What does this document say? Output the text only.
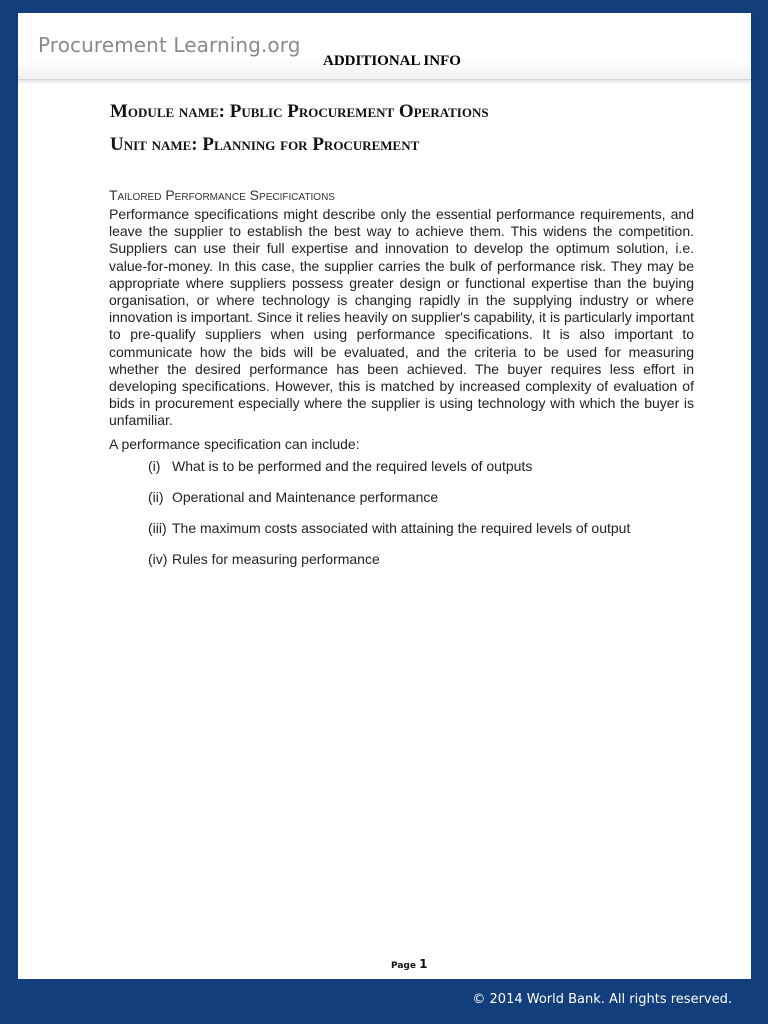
Procurement Learning.org
ADDITIONAL INFO
Module name: Public Procurement Operations
Unit name: Planning for Procurement
Tailored Performance Specifications

Performance specifications might describe only the essential performance requirements, and leave the supplier to establish the best way to achieve them. This widens the competition. Suppliers can use their full expertise and innovation to develop the optimum solution, i.e. value-for-money. In this case, the supplier carries the bulk of performance risk. They may be appropriate where suppliers possess greater design or functional expertise than the buying organisation, or where technology is changing rapidly in the supplying industry or where innovation is important. Since it relies heavily on supplier's capability, it is particularly important to pre-qualify suppliers when using performance specifications. It is also important to communicate how the bids will be evaluated, and the criteria to be used for measuring whether the desired performance has been achieved. The buyer requires less effort in developing specifications. However, this is matched by increased complexity of evaluation of bids in procurement especially where the supplier is using technology with which the buyer is unfamiliar.

A performance specification can include:

(i) What is to be performed and the required levels of outputs
(ii) Operational and Maintenance performance
(iii) The maximum costs associated with attaining the required levels of output
(iv) Rules for measuring performance
Page 1
© 2014 World Bank. All rights reserved.
